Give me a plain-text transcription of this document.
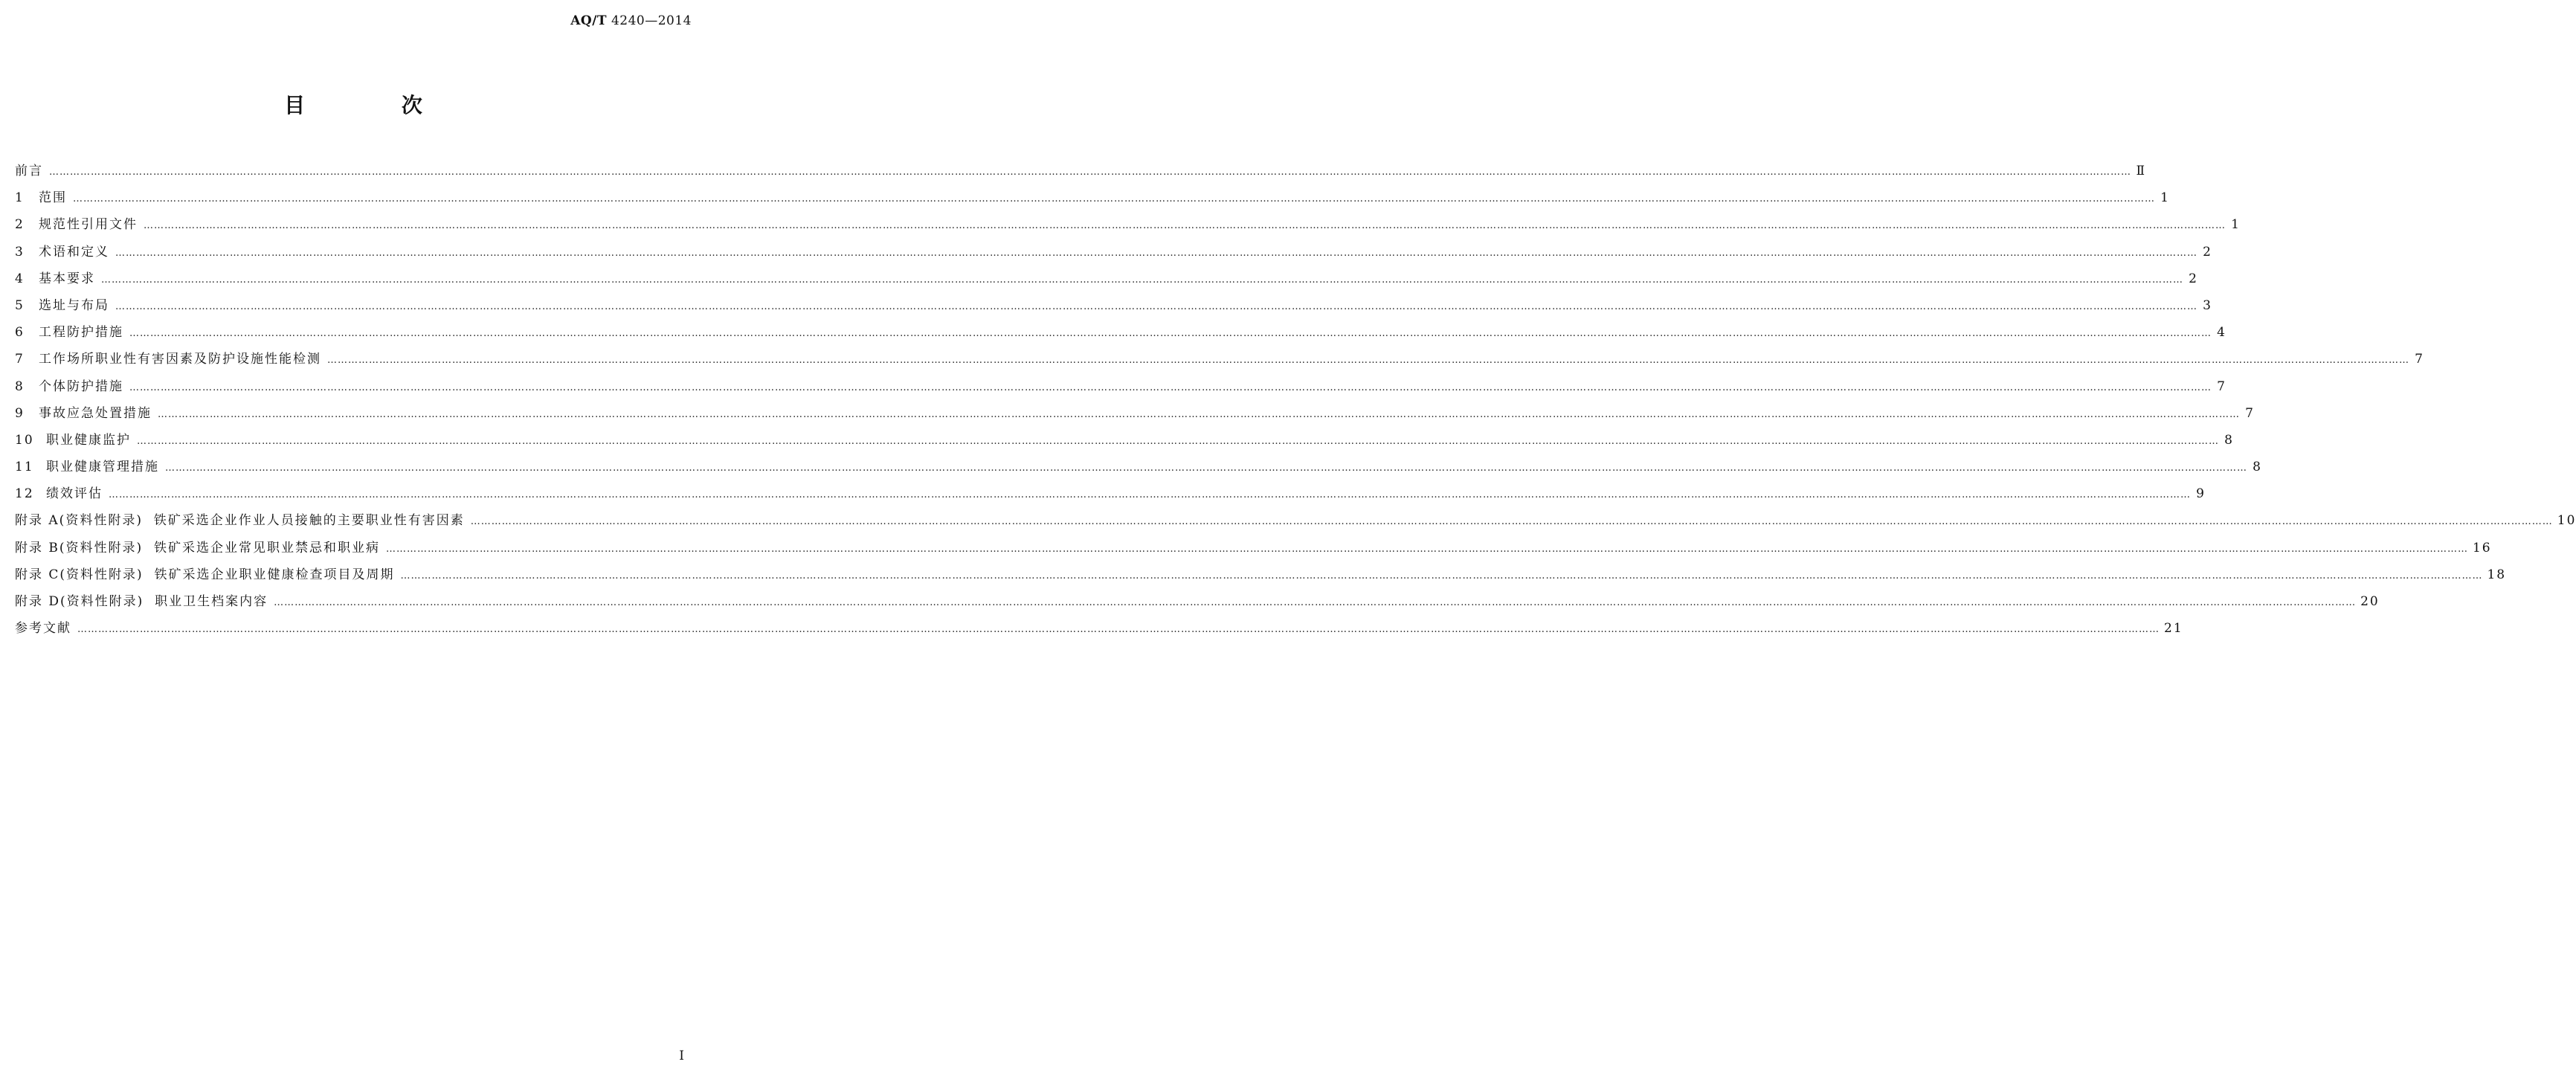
AQ/T 4240—2014
目 次
前言 …………………………………………………………………………………………………………………………………………………………………………………………………………………………………………………………………………………………………………………………………………………………………………………………………………………………………………………………………………………………………………………………………………………… Ⅱ
1	范围 …………………………………………………………………………………………………………………………………………………………………………………………………………………………………………………………………………………………………………………………………………………………………………………………………………………………………………………………………………………………………………………………………………………… 1
2	规范性引用文件 …………………………………………………………………………………………………………………………………………………………………………………………………………………………………………………………………………………………………………………………………………………………………………………………………………………………………………………………………………………………………………………………………………………… 1
3	术语和定义 …………………………………………………………………………………………………………………………………………………………………………………………………………………………………………………………………………………………………………………………………………………………………………………………………………………………………………………………………………………………………………………………………………………… 2
4	基本要求 …………………………………………………………………………………………………………………………………………………………………………………………………………………………………………………………………………………………………………………………………………………………………………………………………………………………………………………………………………………………………………………………………………………… 2
5	选址与布局 …………………………………………………………………………………………………………………………………………………………………………………………………………………………………………………………………………………………………………………………………………………………………………………………………………………………………………………………………………………………………………………………………………………… 3
6	工程防护措施 …………………………………………………………………………………………………………………………………………………………………………………………………………………………………………………………………………………………………………………………………………………………………………………………………………………………………………………………………………………………………………………………………………………… 4
7	工作场所职业性有害因素及防护设施性能检测 …………………………………………………………………………………………………………………………………………………………………………………………………………………………………………………………………………………………………………………………………………………………………………………………………………………………………………………………………………………………………………………………………………………… 7
8	个体防护措施 …………………………………………………………………………………………………………………………………………………………………………………………………………………………………………………………………………………………………………………………………………………………………………………………………………………………………………………………………………………………………………………………………………………… 7
9	事故应急处置措施 …………………………………………………………………………………………………………………………………………………………………………………………………………………………………………………………………………………………………………………………………………………………………………………………………………………………………………………………………………………………………………………………………………………… 7
10 职业健康监护 …………………………………………………………………………………………………………………………………………………………………………………………………………………………………………………………………………………………………………………………………………………………………………………………………………………………………………………………………………………………………………………………………………………… 8
11 职业健康管理措施 …………………………………………………………………………………………………………………………………………………………………………………………………………………………………………………………………………………………………………………………………………………………………………………………………………………………………………………………………………………………………………………………………………………… 8
12 绩效评估 …………………………………………………………………………………………………………………………………………………………………………………………………………………………………………………………………………………………………………………………………………………………………………………………………………………………………………………………………………………………………………………………………………………… 9
附录 A(资料性附录)  铁矿采选企业作业人员接触的主要职业性有害因素 …………………………………………………………………………………………………………………………………………………………………………………………………………………………………………………………………………………………………………………………………………………………………………………………………………………………………………………………………………………………………………………………………………………… 10
附录 B(资料性附录)  铁矿采选企业常见职业禁忌和职业病 …………………………………………………………………………………………………………………………………………………………………………………………………………………………………………………………………………………………………………………………………………………………………………………………………………………………………………………………………………………………………………………………………………………… 16
附录 C(资料性附录)  铁矿采选企业职业健康检查项目及周期 …………………………………………………………………………………………………………………………………………………………………………………………………………………………………………………………………………………………………………………………………………………………………………………………………………………………………………………………………………………………………………………………………………………… 18
附录 D(资料性附录)  职业卫生档案内容 …………………………………………………………………………………………………………………………………………………………………………………………………………………………………………………………………………………………………………………………………………………………………………………………………………………………………………………………………………………………………………………………………………………… 20
参考文献 …………………………………………………………………………………………………………………………………………………………………………………………………………………………………………………………………………………………………………………………………………………………………………………………………………………………………………………………………………………………………………………………………………………… 21
Ⅰ
